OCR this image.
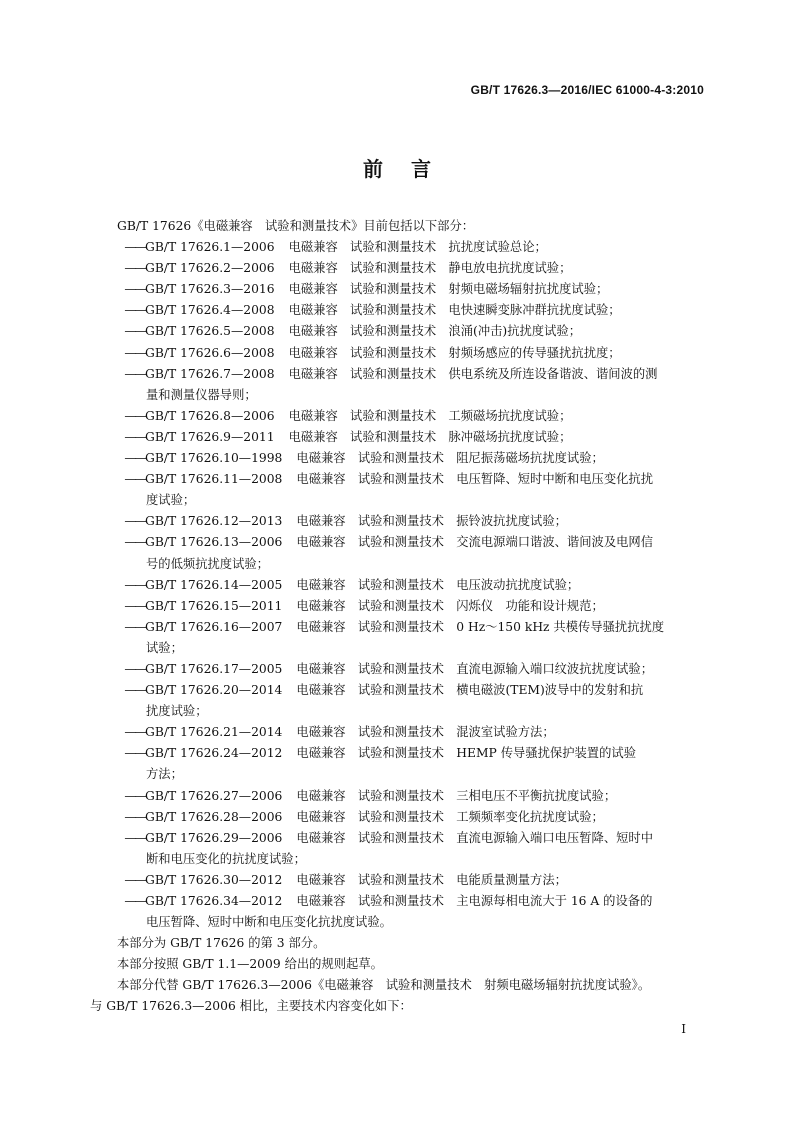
GB/T 17626.3—2016/IEC 61000-4-3:2010
前 言
GB/T 17626《电磁兼容　试验和测量技术》目前包括以下部分：
—— GB/T 17626.1—2006 电磁兼容　试验和测量技术　抗扰度试验总论；
—— GB/T 17626.2—2006 电磁兼容　试验和测量技术　静电放电抗扰度试验；
—— GB/T 17626.3—2016 电磁兼容　试验和测量技术　射频电磁场辐射抗扰度试验；
—— GB/T 17626.4—2008 电磁兼容　试验和测量技术　电快速瞬变脉冲群抗扰度试验；
—— GB/T 17626.5—2008 电磁兼容　试验和测量技术　浪涌(冲击)抗扰度试验；
—— GB/T 17626.6—2008 电磁兼容　试验和测量技术　射频场感应的传导骚扰抗扰度；
—— GB/T 17626.7—2008 电磁兼容　试验和测量技术　供电系统及所连设备谐波、谐间波的测
量和测量仪器导则；
—— GB/T 17626.8—2006 电磁兼容　试验和测量技术　工频磁场抗扰度试验；
—— GB/T 17626.9—2011 电磁兼容　试验和测量技术　脉冲磁场抗扰度试验；
—— GB/T 17626.10—1998 电磁兼容　试验和测量技术　阻尼振荡磁场抗扰度试验；
—— GB/T 17626.11—2008 电磁兼容　试验和测量技术　电压暂降、短时中断和电压变化抗扰
度试验；
—— GB/T 17626.12—2013 电磁兼容　试验和测量技术　振铃波抗扰度试验；
—— GB/T 17626.13—2006 电磁兼容　试验和测量技术　交流电源端口谐波、谐间波及电网信
号的低频抗扰度试验；
—— GB/T 17626.14—2005 电磁兼容　试验和测量技术　电压波动抗扰度试验；
—— GB/T 17626.15—2011 电磁兼容　试验和测量技术　闪烁仪　功能和设计规范；
—— GB/T 17626.16—2007 电磁兼容　试验和测量技术　0 Hz～150 kHz 共模传导骚扰抗扰度
试验；
—— GB/T 17626.17—2005 电磁兼容　试验和测量技术　直流电源输入端口纹波抗扰度试验；
—— GB/T 17626.20—2014 电磁兼容　试验和测量技术　横电磁波(TEM)波导中的发射和抗
扰度试验；
—— GB/T 17626.21—2014 电磁兼容　试验和测量技术　混波室试验方法；
—— GB/T 17626.24—2012 电磁兼容　试验和测量技术　HEMP 传导骚扰保护装置的试验
方法；
—— GB/T 17626.27—2006 电磁兼容　试验和测量技术　三相电压不平衡抗扰度试验；
—— GB/T 17626.28—2006 电磁兼容　试验和测量技术　工频频率变化抗扰度试验；
—— GB/T 17626.29—2006 电磁兼容　试验和测量技术　直流电源输入端口电压暂降、短时中
断和电压变化的抗扰度试验；
—— GB/T 17626.30—2012 电磁兼容　试验和测量技术　电能质量测量方法；
—— GB/T 17626.34—2012 电磁兼容　试验和测量技术　主电源每相电流大于 16 A 的设备的
电压暂降、短时中断和电压变化抗扰度试验。
本部分为 GB/T 17626 的第 3 部分。
本部分按照 GB/T 1.1—2009 给出的规则起草。
本部分代替 GB/T 17626.3—2006《电磁兼容　试验和测量技术　射频电磁场辐射抗扰度试验》。
与 GB/T 17626.3—2006 相比，主要技术内容变化如下：
I
